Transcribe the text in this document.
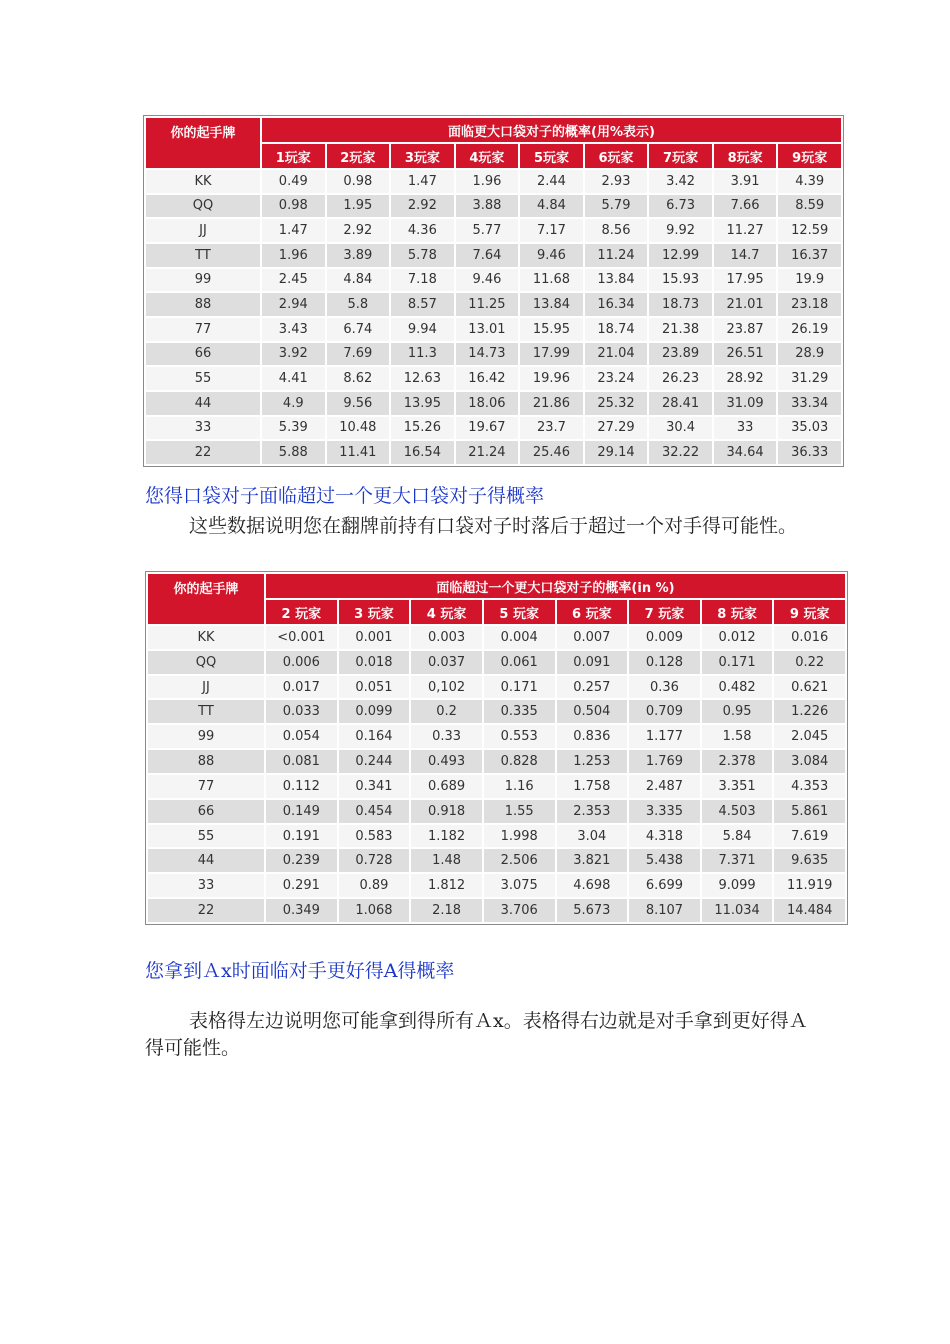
你的起手牌	面临更大口袋对子的概率(用%表示)								
	1玩家	2玩家	3玩家	4玩家	5玩家	6玩家	7玩家	8玩家	9玩家
KK	0.49	0.98	1.47	1.96	2.44	2.93	3.42	3.91	4.39
QQ	0.98	1.95	2.92	3.88	4.84	5.79	6.73	7.66	8.59
JJ	1.47	2.92	4.36	5.77	7.17	8.56	9.92	11.27	12.59
TT	1.96	3.89	5.78	7.64	9.46	11.24	12.99	14.7	16.37
99	2.45	4.84	7.18	9.46	11.68	13.84	15.93	17.95	19.9
88	2.94	5.8	8.57	11.25	13.84	16.34	18.73	21.01	23.18
77	3.43	6.74	9.94	13.01	15.95	18.74	21.38	23.87	26.19
66	3.92	7.69	11.3	14.73	17.99	21.04	23.89	26.51	28.9
55	4.41	8.62	12.63	16.42	19.96	23.24	26.23	28.92	31.29
44	4.9	9.56	13.95	18.06	21.86	25.32	28.41	31.09	33.34
33	5.39	10.48	15.26	19.67	23.7	27.29	30.4	33	35.03
22	5.88	11.41	16.54	21.24	25.46	29.14	32.22	34.64	36.33
您得口袋对子面临超过一个更大口袋对子得概率
这些数据说明您在翻牌前持有口袋对子时落后于超过一个对手得可能性。
你的起手牌	面临超过一个更大口袋对子的概率(in %)							
	2 玩家	3 玩家	4 玩家	5 玩家	6 玩家	7 玩家	8 玩家	9 玩家
KK	<0.001	0.001	0.003	0.004	0.007	0.009	0.012	0.016
QQ	0.006	0.018	0.037	0.061	0.091	0.128	0.171	0.22
JJ	0.017	0.051	0,102	0.171	0.257	0.36	0.482	0.621
TT	0.033	0.099	0.2	0.335	0.504	0.709	0.95	1.226
99	0.054	0.164	0.33	0.553	0.836	1.177	1.58	2.045
88	0.081	0.244	0.493	0.828	1.253	1.769	2.378	3.084
77	0.112	0.341	0.689	1.16	1.758	2.487	3.351	4.353
66	0.149	0.454	0.918	1.55	2.353	3.335	4.503	5.861
55	0.191	0.583	1.182	1.998	3.04	4.318	5.84	7.619
44	0.239	0.728	1.48	2.506	3.821	5.438	7.371	9.635
33	0.291	0.89	1.812	3.075	4.698	6.699	9.099	11.919
22	0.349	1.068	2.18	3.706	5.673	8.107	11.034	14.484
您拿到Ａx时面临对手更好得A得概率
表格得左边说明您可能拿到得所有Ａx。表格得右边就是对手拿到更好得Ａ得可能性。
